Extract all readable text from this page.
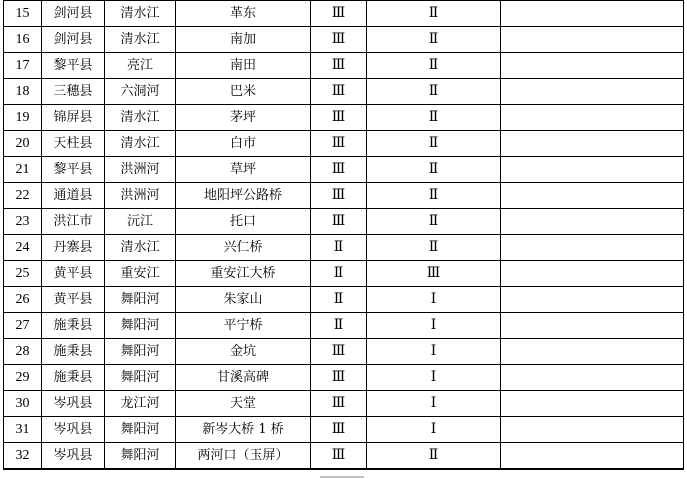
15	剑河县	清水江	革东	Ⅲ	Ⅱ	
16	剑河县	清水江	南加	Ⅲ	Ⅱ	
17	黎平县	亮江	南田	Ⅲ	Ⅱ	
18	三穗县	六洞河	巴米	Ⅲ	Ⅱ	
19	锦屏县	清水江	茅坪	Ⅲ	Ⅱ	
20	天柱县	清水江	白市	Ⅲ	Ⅱ	
21	黎平县	洪洲河	草坪	Ⅲ	Ⅱ	
22	通道县	洪洲河	地阳坪公路桥	Ⅲ	Ⅱ	
23	洪江市	沅江	托口	Ⅲ	Ⅱ	
24	丹寨县	清水江	兴仁桥	Ⅱ	Ⅱ	
25	黄平县	重安江	重安江大桥	Ⅱ	Ⅲ	
26	黄平县	舞阳河	朱家山	Ⅱ	Ⅰ	
27	施秉县	舞阳河	平宁桥	Ⅱ	Ⅰ	
28	施秉县	舞阳河	金坑	Ⅲ	Ⅰ	
29	施秉县	舞阳河	甘溪高碑	Ⅲ	Ⅰ	
30	岑巩县	龙江河	天堂	Ⅲ	Ⅰ	
31	岑巩县	舞阳河	新岑大桥 1 桥	Ⅲ	Ⅰ	
32	岑巩县	舞阳河	两河口（玉屏）	Ⅲ	Ⅱ	
